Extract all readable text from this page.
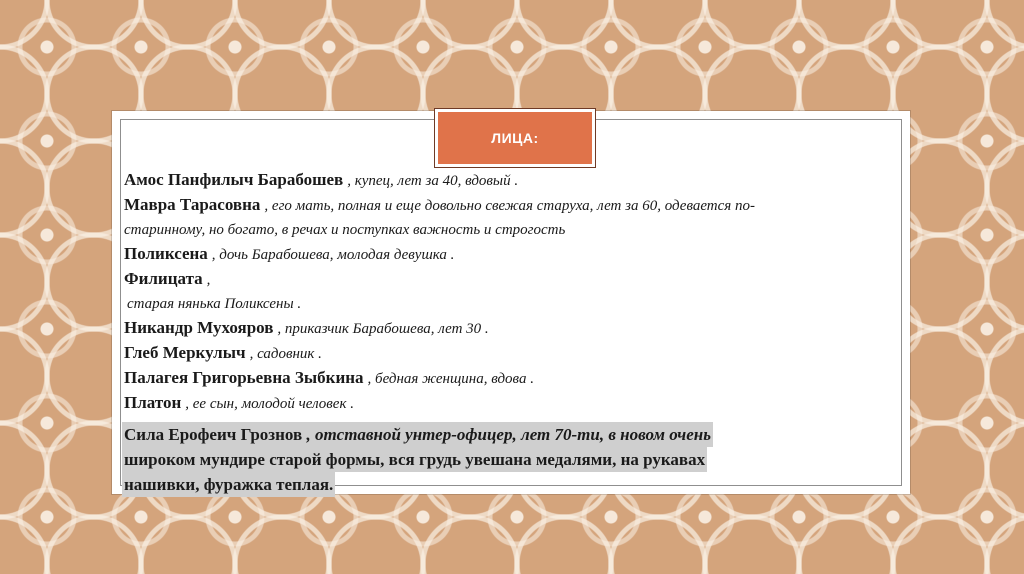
ЛИЦА:
Амос Панфилыч Барабошев , купец, лет за 40, вдовый .
Мавра Тарасовна , его мать, полная и еще довольно свежая старуха, лет за 60, одевается по-
старинному, но богато, в речах и поступках важность и строгость
Поликсена , дочь Барабошева, молодая девушка .
Филицата ,
старая нянька Поликсены .
Никандр Мухояров , приказчик Барабошева, лет 30 .
Глеб Меркулыч , садовник .
Палагея Григорьевна Зыбкина , бедная женщина, вдова .
Платон , ее сын, молодой человек .
Сила Ерофеич Грознов , отставной унтер-офицер, лет 70-ти, в новом очень
широком мундире старой формы, вся грудь увешана медалями, на рукавах
нашивки, фуражка теплая.
